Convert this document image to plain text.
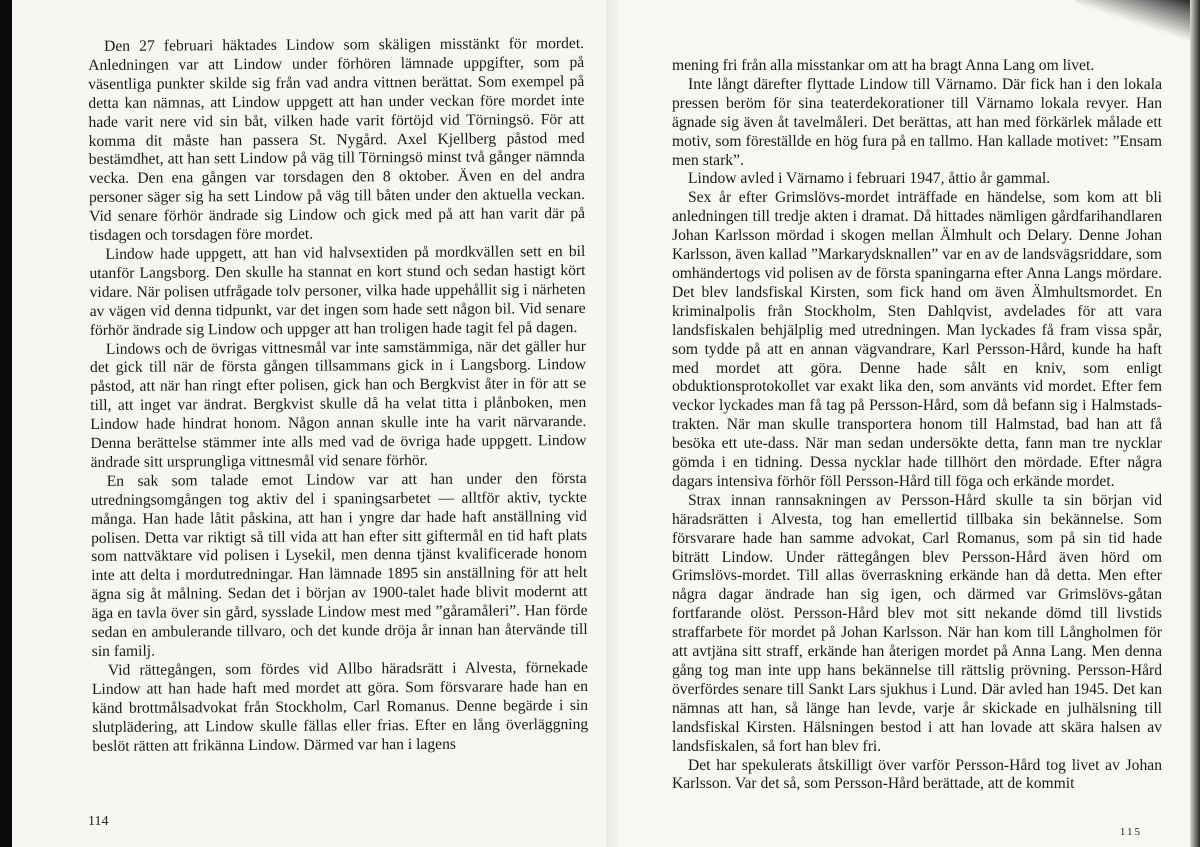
Den 27 februari häktades Lindow som skäligen misstänkt för mordet. Anledningen var att Lindow under förhören lämnade uppgifter, som på väsentliga punkter skilde sig från vad andra vittnen berättat. Som exempel på detta kan nämnas, att Lindow uppgett att han under veckan före mordet inte hade varit nere vid sin båt, vilken hade varit förtöjd vid Törningsö. För att komma dit måste han passera St. Nygård. Axel Kjellberg påstod med bestämdhet, att han sett Lindow på väg till Törningsö minst två gånger nämnda vecka. Den ena gången var torsdagen den 8 oktober. Även en del andra personer säger sig ha sett Lindow på väg till båten under den aktuella veckan. Vid senare förhör ändrade sig Lindow och gick med på att han varit där på tisdagen och torsdagen före mordet.

Lindow hade uppgett, att han vid halvsextiden på mordkvällen sett en bil utanför Langsborg. Den skulle ha stannat en kort stund och sedan hastigt kört vidare. När polisen utfrågade tolv personer, vilka hade uppehållit sig i närheten av vägen vid denna tidpunkt, var det ingen som hade sett någon bil. Vid senare förhör ändrade sig Lindow och uppger att han troligen hade tagit fel på dagen.

Lindows och de övrigas vittnesmål var inte samstämmiga, när det gäller hur det gick till när de första gången tillsammans gick in i Langsborg. Lindow påstod, att när han ringt efter polisen, gick han och Bergkvist åter in för att se till, att inget var ändrat. Bergkvist skulle då ha velat titta i plånboken, men Lindow hade hindrat honom. Någon annan skulle inte ha varit närvarande. Denna berättelse stämmer inte alls med vad de övriga hade uppgett. Lindow ändrade sitt ursprungliga vittnesmål vid senare förhör.

En sak som talade emot Lindow var att han under den första utredningsomgången tog aktiv del i spaningsarbetet — alltför aktiv, tyckte många. Han hade låtit påskina, att han i yngre dar hade haft anställning vid polisen. Detta var riktigt så till vida att han efter sitt giftermål en tid haft plats som nattväktare vid polisen i Lysekil, men denna tjänst kvalificerade honom inte att delta i mordutredningar. Han lämnade 1895 sin anställning för att helt ägna sig åt målning. Sedan det i början av 1900-talet hade blivit modernt att äga en tavla över sin gård, sysslade Lindow mest med ”gåramåleri”. Han förde sedan en ambulerande tillvaro, och det kunde dröja år innan han återvände till sin familj.

Vid rättegången, som fördes vid Allbo häradsrätt i Alvesta, förnekade Lindow att han hade haft med mordet att göra. Som försvarare hade han en känd brottmålsadvokat från Stockholm, Carl Romanus. Denne begärde i sin slutplädering, att Lindow skulle fällas eller frias. Efter en lång överläggning beslöt rätten att frikänna Lindow. Därmed var han i lagens

114

mening fri från alla misstankar om att ha bragt Anna Lang om livet.

Inte långt därefter flyttade Lindow till Värnamo. Där fick han i den lokala pressen beröm för sina teaterdekorationer till Värnamo lokala revyer. Han ägnade sig även åt tavelmåleri. Det berättas, att han med förkärlek målade ett motiv, som föreställde en hög fura på en tallmo. Han kallade motivet: ”Ensam men stark”.

Lindow avled i Värnamo i februari 1947, åttio år gammal.

Sex år efter Grimslövs-mordet inträffade en händelse, som kom att bli anledningen till tredje akten i dramat. Då hittades nämligen gårdfarihandlaren Johan Karlsson mördad i skogen mellan Älmhult och Delary. Denne Johan Karlsson, även kallad ”Markarydsknallen” var en av de landsvägsriddare, som omhändertogs vid polisen av de första spaningarna efter Anna Langs mördare. Det blev landsfiskal Kirsten, som fick hand om även Älmhultsmordet. En kriminalpolis från Stockholm, Sten Dahlqvist, avdelades för att vara landsfiskalen behjälplig med utredningen. Man lyckades få fram vissa spår, som tydde på att en annan vägvandrare, Karl Persson-Hård, kunde ha haft med mordet att göra. Denne hade sålt en kniv, som enligt obduktionsprotokollet var exakt lika den, som använts vid mordet. Efter fem veckor lyckades man få tag på Persson-Hård, som då befann sig i Halmstads-trakten. När man skulle transportera honom till Halmstad, bad han att få besöka ett ute-dass. När man sedan undersökte detta, fann man tre nycklar gömda i en tidning. Dessa nycklar hade tillhört den mördade. Efter några dagars intensiva förhör föll Persson-Hård till föga och erkände mordet.

Strax innan rannsakningen av Persson-Hård skulle ta sin början vid häradsrätten i Alvesta, tog han emellertid tillbaka sin bekännelse. Som försvarare hade han samme advokat, Carl Romanus, som på sin tid hade biträtt Lindow. Under rättegången blev Persson-Hård även hörd om Grimslövs-mordet. Till allas överraskning erkände han då detta. Men efter några dagar ändrade han sig igen, och därmed var Grimslövs-gåtan fortfarande olöst. Persson-Hård blev mot sitt nekande dömd till livstids straffarbete för mordet på Johan Karlsson. När han kom till Långholmen för att avtjäna sitt straff, erkände han återigen mordet på Anna Lang. Men denna gång tog man inte upp hans bekännelse till rättslig prövning. Persson-Hård överfördes senare till Sankt Lars sjukhus i Lund. Där avled han 1945. Det kan nämnas att han, så länge han levde, varje år skickade en julhälsning till landsfiskal Kirsten. Hälsningen bestod i att han lovade att skära halsen av landsfiskalen, så fort han blev fri.

Det har spekulerats åtskilligt över varför Persson-Hård tog livet av Johan Karlsson. Var det så, som Persson-Hård berättade, att de kommit

115
